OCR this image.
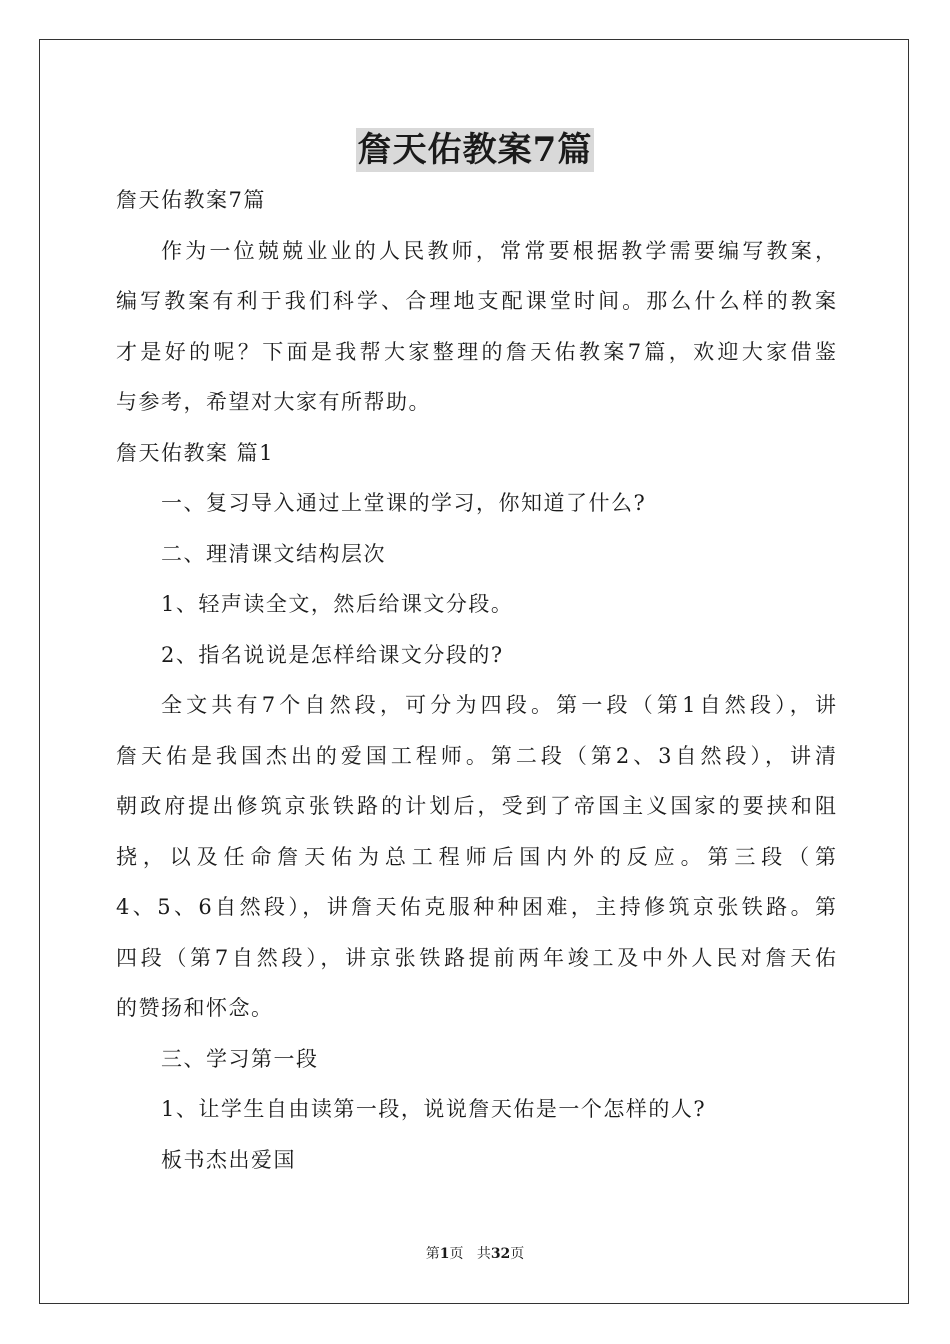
詹天佑教案7篇
詹天佑教案7篇
作为一位兢兢业业的人民教师，常常要根据教学需要编写教案，
编写教案有利于我们科学、合理地支配课堂时间。那么什么样的教案
才是好的呢？下面是我帮大家整理的詹天佑教案7篇，欢迎大家借鉴
与参考，希望对大家有所帮助。
詹天佑教案 篇1
一、复习导入通过上堂课的学习，你知道了什么?
二、理清课文结构层次
1、轻声读全文，然后给课文分段。
2、指名说说是怎样给课文分段的?
全文共有7个自然段，可分为四段。第一段（第1自然段），讲
詹天佑是我国杰出的爱国工程师。第二段（第2、3自然段），讲清
朝政府提出修筑京张铁路的计划后，受到了帝国主义国家的要挟和阻
挠，以及任命詹天佑为总工程师后国内外的反应。第三段（第
4、5、6自然段），讲詹天佑克服种种困难，主持修筑京张铁路。第
四段（第7自然段），讲京张铁路提前两年竣工及中外人民对詹天佑
的赞扬和怀念。
三、学习第一段
1、让学生自由读第一段，说说詹天佑是一个怎样的人?
板书杰出爱国
第1页 共32页
